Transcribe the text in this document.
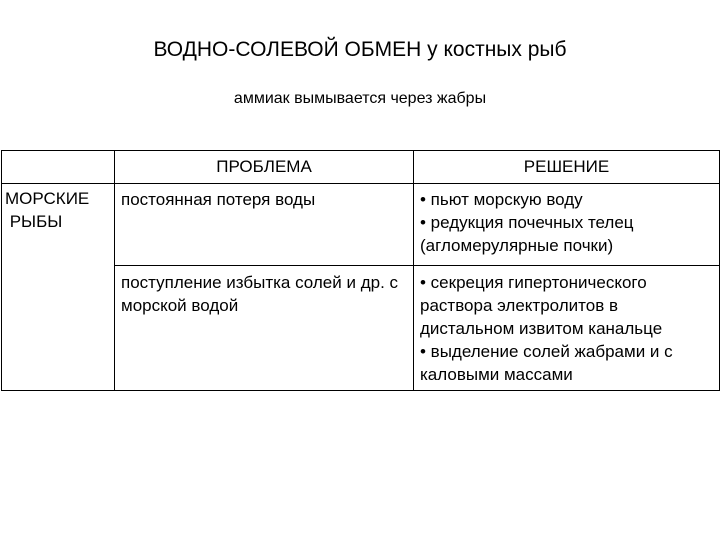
ВОДНО-СОЛЕВОЙ ОБМЕН у костных рыб
аммиак вымывается через жабры
	ПРОБЛЕМА	РЕШЕНИЕ

МОРСКИЕ
РЫБЫ	постоянная потеря воды	• пьют морскую воду
• редукция почечных телец (агломерулярные почки)

	поступление избытка солей и др. с морской водой	• секреция гипертонического раствора электролитов в дистальном извитом канальце
• выделение солей жабрами и с каловыми массами
